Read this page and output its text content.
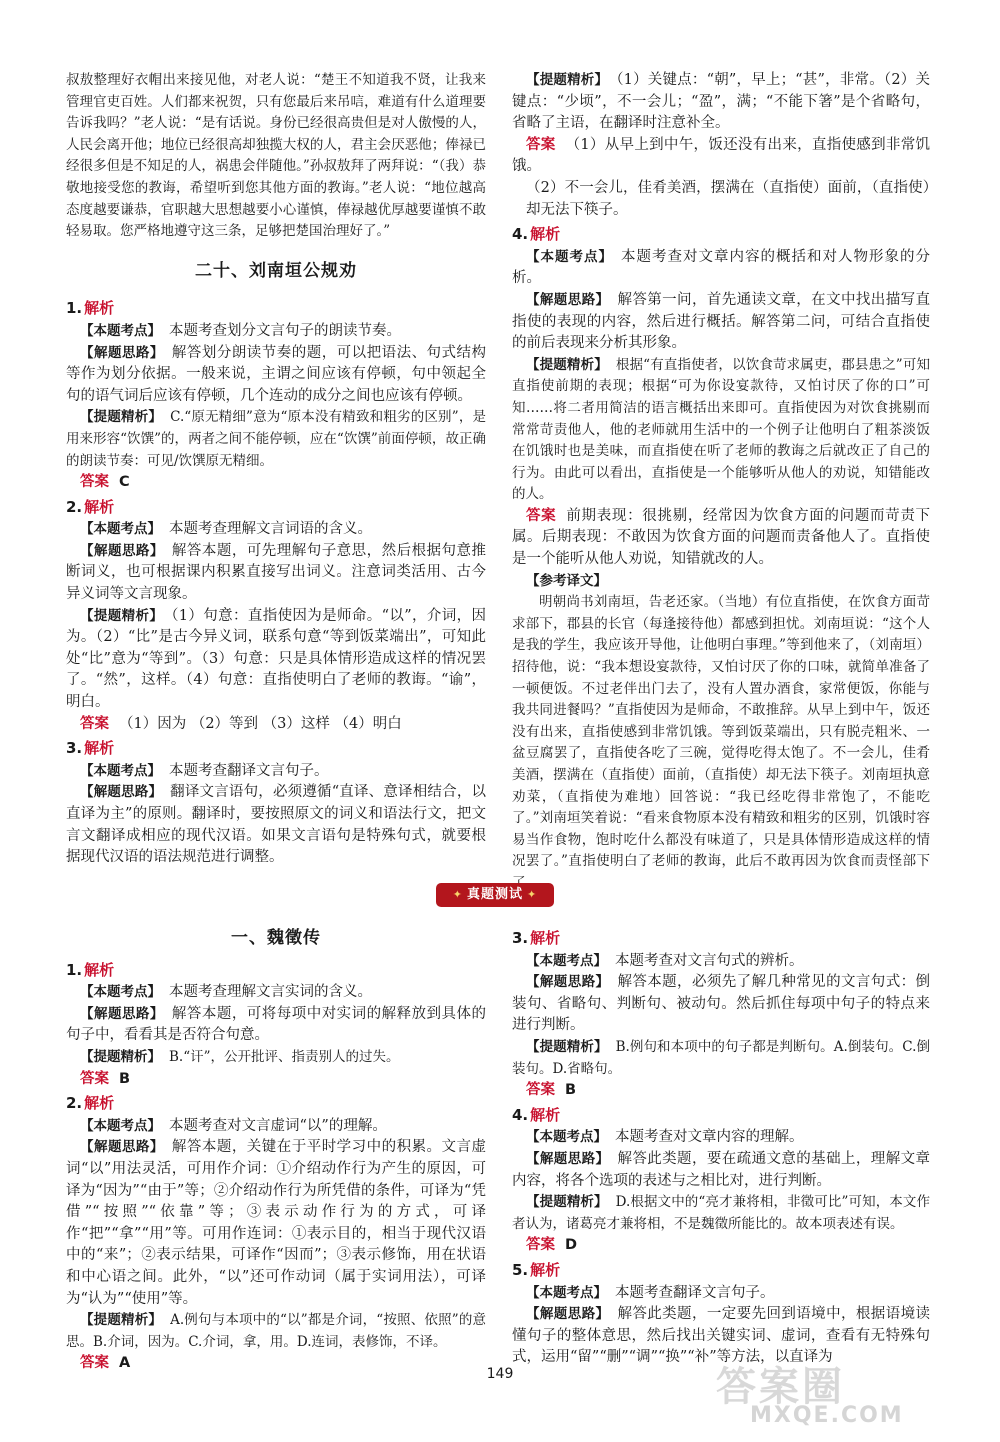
叔敖整理好衣帽出来接见他，对老人说：“楚王不知道我不贤，让我来管理官吏百姓。人们都来祝贺，只有您最后来吊唁，难道有什么道理要告诉我吗？”老人说：“是有话说。身份已经很高贵但是对人傲慢的人，人民会离开他；地位已经很高却独揽大权的人，君主会厌恶他；俸禄已经很多但是不知足的人，祸患会伴随他。”孙叔敖拜了两拜说：“（我）恭敬地接受您的教诲，希望听到您其他方面的教诲。”老人说：“地位越高态度越要谦恭，官职越大思想越要小心谨慎，俸禄越优厚越要谨慎不敢轻易取。您严格地遵守这三条，足够把楚国治理好了。”

二十、刘南垣公规劝
1. 解析

【本题考点】 本题考查划分文言句子的朗读节奏。

【解题思路】 解答划分朗读节奏的题，可以把语法、句式结构等作为划分依据。一般来说，主谓之间应该有停顿，句中领起全句的语气词后应该有停顿，几个连动的成分之间也应该有停顿。

【提题精析】 C.“原无精细”意为“原本没有精致和粗劣的区别”，是用来形容“饮馔”的，两者之间不能停顿，应在“饮馔”前面停顿，故正确的朗读节奏：可见/饮馔原无精细。

答案 C

2. 解析

【本题考点】 本题考查理解文言词语的含义。

【解题思路】 解答本题，可先理解句子意思，然后根据句意推断词义，也可根据课内积累直接写出词义。注意词类活用、古今异义词等文言现象。

【提题精析】 （1）句意：直指使因为是师命。“以”，介词，因为。（2）“比”是古今异义词，联系句意“等到饭菜端出”，可知此处“比”意为“等到”。（3）句意：只是具体情形造成这样的情况罢了。“然”，这样。（4）句意：直指使明白了老师的教诲。“谕”，明白。

答案 （1）因为 （2）等到 （3）这样 （4）明白

3. 解析

【本题考点】 本题考查翻译文言句子。

【解题思路】 翻译文言语句，必须遵循“直译、意译相结合，以直译为主”的原则。翻译时，要按照原文的词义和语法行文，把文言文翻译成相应的现代汉语。如果文言语句是特殊句式，就要根据现代汉语的语法规范进行调整。

【提题精析】 （1）关键点：“朝”，早上；“甚”，非常。（2）关键点：“少顷”，不一会儿；“盈”，满；“不能下箸”是个省略句，省略了主语，在翻译时注意补全。

答案 （1）从早上到中午，饭还没有出来，直指使感到非常饥饿。

（2）不一会儿，佳肴美酒，摆满在（直指使）面前，（直指使）却无法下筷子。

4. 解析

【本题考点】 本题考查对文章内容的概括和对人物形象的分析。

【解题思路】 解答第一问，首先通读文章，在文中找出描写直指使的表现的内容，然后进行概括。解答第二问，可结合直指使的前后表现来分析其形象。

【提题精析】 根据“有直指使者，以饮食苛求属吏，郡县患之”可知直指使前期的表现；根据“可为你设宴款待，又怕讨厌了你的口”可知……将二者用简洁的语言概括出来即可。直指使因为对饮食挑剔而常常苛责他人，他的老师就用生活中的一个例子让他明白了粗茶淡饭在饥饿时也是美味，而直指使在听了老师的教诲之后就改正了自己的行为。由此可以看出，直指使是一个能够听从他人的劝说，知错能改的人。

答案 前期表现：很挑剔，经常因为饮食方面的问题而苛责下属。后期表现：不敢因为饮食方面的问题而责备他人了。直指使是一个能听从他人劝说，知错就改的人。

【参考译文】

明朝尚书刘南垣，告老还家。（当地）有位直指使，在饮食方面苛求部下，郡县的长官（每逢接待他）都感到担忧。刘南垣说：“这个人是我的学生，我应该开导他，让他明白事理。”等到他来了，（刘南垣）招待他，说：“我本想设宴款待，又怕讨厌了你的口味，就简单准备了一顿便饭。不过老伴出门去了，没有人置办酒食，家常便饭，你能与我共同进餐吗？”直指使因为是师命，不敢推辞。从早上到中午，饭还没有出来，直指使感到非常饥饿。等到饭菜端出，只有脱壳粗米、一盆豆腐罢了，直指使各吃了三碗，觉得吃得太饱了。不一会儿，佳肴美酒，摆满在（直指使）面前，（直指使）却无法下筷子。刘南垣执意劝菜，（直指使为难地）回答说：“我已经吃得非常饱了，不能吃了。”刘南垣笑着说：“看来食物原本没有精致和粗劣的区别，饥饿时容易当作食物，饱时吃什么都没有味道了，只是具体情形造成这样的情况罢了。”直指使明白了老师的教诲，此后不敢再因为饮食而责怪部下

✦ 真题测试 ✦
一、魏徵传
1. 解析

【本题考点】 本题考查理解文言实词的含义。

【解题思路】 解答本题，可将每项中对实词的解释放到具体的句子中，看看其是否符合句意。

【提题精析】 B.“讦”，公开批评、指责别人的过失。

答案 B

2. 解析

【本题考点】 本题考查对文言虚词“以”的理解。

【解题思路】 解答本题，关键在于平时学习中的积累。文言虚词“以”用法灵活，可用作介词：①介绍动作行为产生的原因，可译为“因为”“由于”等；②介绍动作行为所凭借的条件，可译为“凭借”“按照”“依靠”等；③表示动作行为的方式，可译作“把”“拿”“用”等。可用作连词：①表示目的，相当于现代汉语中的“来”；②表示结果，可译作“因而”；③表示修饰，用在状语和中心语之间。此外，“以”还可作动词（属于实词用法），可译为“认为”“使用”等。

【提题精析】 A.例句与本项中的“以”都是介词，“按照、依照”的意思。B.介词，因为。C.介词，拿，用。D.连词，表修饰，不译。

答案 A

3. 解析

【本题考点】 本题考查对文言句式的辨析。

【解题思路】 解答本题，必须先了解几种常见的文言句式：倒装句、省略句、判断句、被动句。然后抓住每项中句子的特点来进行判断。

【提题精析】 B.例句和本项中的句子都是判断句。A.倒装句。C.倒装句。D.省略句。

答案 B

4. 解析

【本题考点】 本题考查对文章内容的理解。

【解题思路】 解答此类题，要在疏通文意的基础上，理解文章内容，将各个选项的表述与之相比对，进行判断。

【提题精析】 D.根据文中的“亮才兼将相，非徵可比”可知，本文作者认为，诸葛亮才兼将相，不是魏徵所能比的。故本项表述有误。

答案 D

5. 解析

【本题考点】 本题考查翻译文言句子。

【解题思路】 解答此类题，一定要先回到语境中，根据语境读懂句子的整体意思，然后找出关键实词、虚词，查看有无特殊句式，运用“留”“删”“调”“换”“补”等方法，以直译为

149	答案圈
MXQE.COM
